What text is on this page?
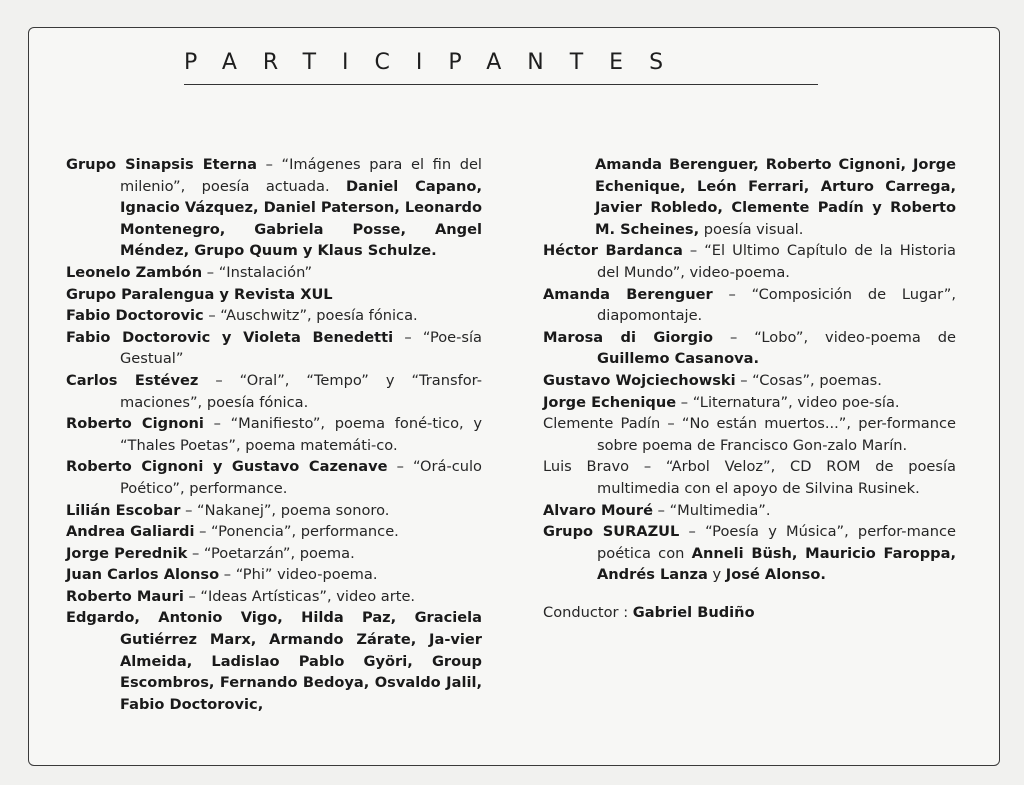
PARTICIPANTES

Grupo Sinapsis Eterna – “Imágenes para el fin del milenio”, poesía actuada. Daniel Capano, Ignacio Vázquez, Daniel Paterson, Leonardo Montenegro, Gabriela Posse, Angel Méndez, Grupo Quum y Klaus Schulze.

Leonelo Zambón – “Instalación”

Grupo Paralengua y Revista XUL

Fabio Doctorovic – “Auschwitz”, poesía fónica.

Fabio Doctorovic y Violeta Benedetti – “Poe-sía Gestual”

Carlos Estévez – “Oral”, “Tempo” y “Transfor-maciones”, poesía fónica.

Roberto Cignoni – “Manifiesto”, poema foné-tico, y “Thales Poetas”, poema matemáti-co.

Roberto Cignoni y Gustavo Cazenave – “Orá-culo Poético”, performance.

Lilián Escobar – “Nakanej”, poema sonoro.

Andrea Galiardi – “Ponencia”, performance.

Jorge Perednik – “Poetarzán”, poema.

Juan Carlos Alonso – “Phi” video-poema.

Roberto Mauri – “Ideas Artísticas”, video arte.

Edgardo, Antonio Vigo, Hilda Paz, Graciela Gutiérrez Marx, Armando Zárate, Ja-vier Almeida, Ladislao Pablo Györi, Group Escombros, Fernando Bedoya, Osvaldo Jalil, Fabio Doctorovic,

Amanda Berenguer, Roberto Cignoni, Jorge Echenique, León Ferrari, Arturo Carrega, Javier Robledo, Clemente Padín y Roberto M. Scheines, poesía visual.

Héctor Bardanca – “El Ultimo Capítulo de la Historia del Mundo”, video-poema.

Amanda Berenguer – “Composición de Lugar”, diapomontaje.

Marosa di Giorgio – “Lobo”, video-poema de Guillemo Casanova.

Gustavo Wojciechowski – “Cosas”, poemas.

Jorge Echenique – “Liternatura”, video poe-sía.

Clemente Padín – “No están muertos...”, per-formance sobre poema de Francisco Gon-zalo Marín.

Luis Bravo – “Arbol Veloz”, CD ROM de poesía multimedia con el apoyo de Silvina Rusinek.

Alvaro Mouré – “Multimedia”.

Grupo SURAZUL – “Poesía y Música”, perfor-mance poética con Anneli Büsh, Mauricio Faroppa, Andrés Lanza y José Alonso.

Conductor : Gabriel Budiño
